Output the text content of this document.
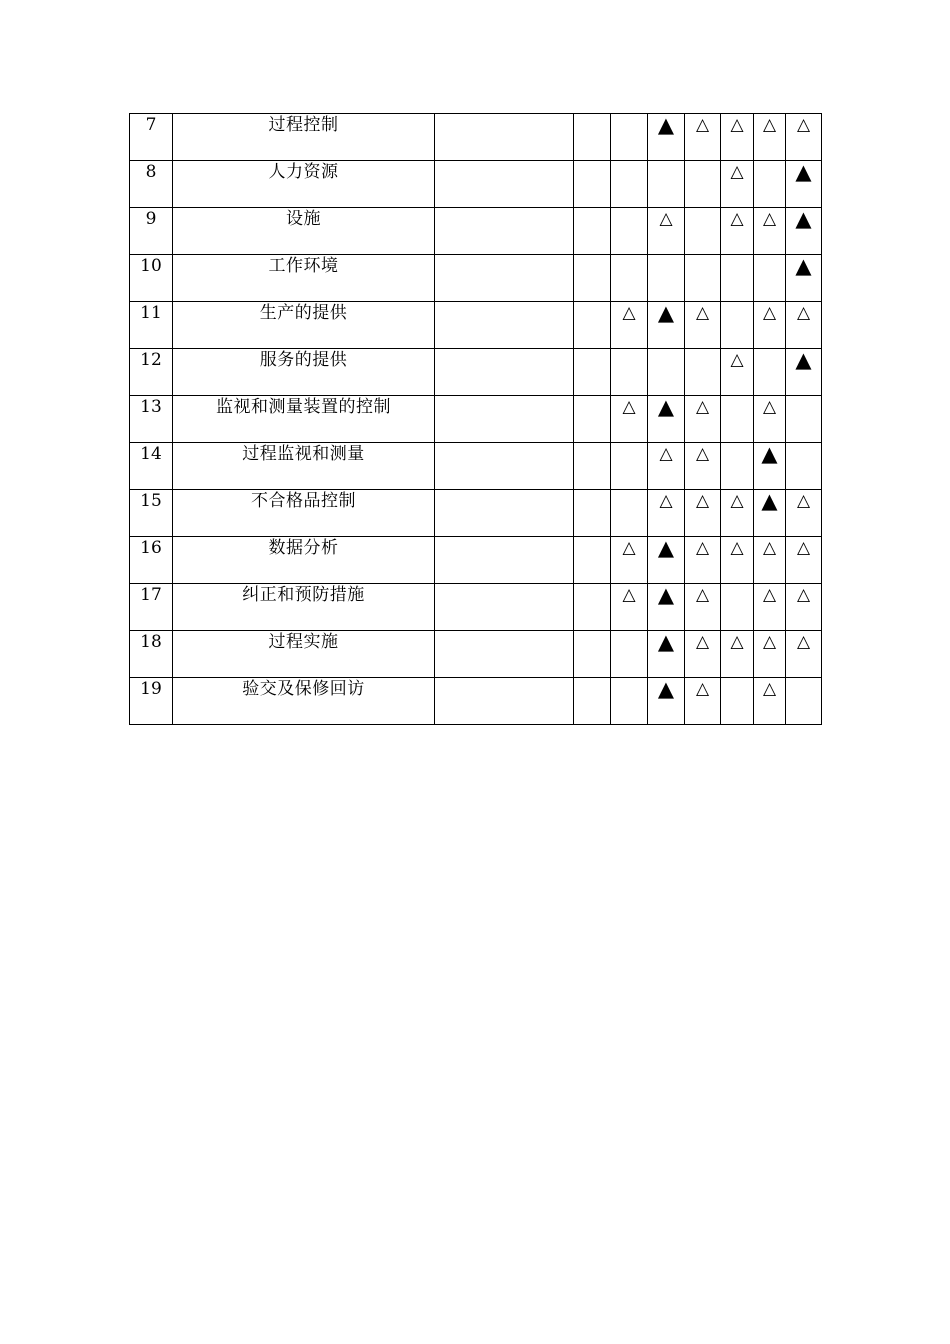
7	过程控制				▲	△	△	△	△
8	人力资源						△		▲
9	设施				△		△	△	▲
10	工作环境								▲
11	生产的提供			△	▲	△		△	△
12	服务的提供						△		▲
13	监视和测量装置的控制			△	▲	△		△	
14	过程监视和测量				△	△		▲	
15	不合格品控制				△	△	△	▲	△
16	数据分析			△	▲	△	△	△	△
17	纠正和预防措施			△	▲	△		△	△
18	过程实施				▲	△	△	△	△
19	验交及保修回访				▲	△		△	
